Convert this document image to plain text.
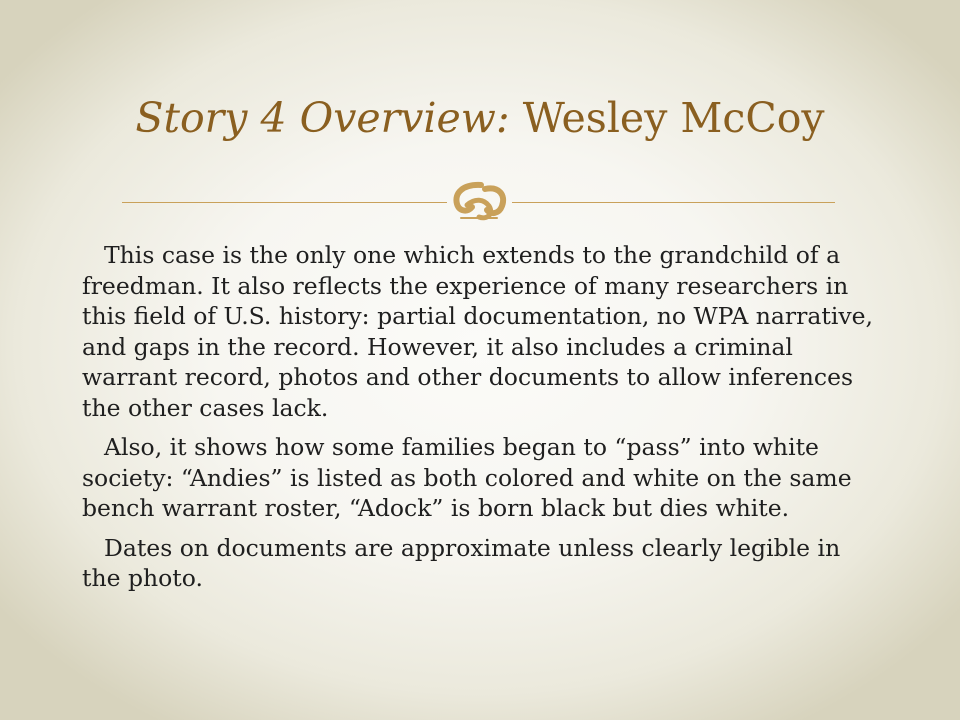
Story 4 Overview: Wesley McCoy

This case is the only one which extends to the grandchild of a freedman. It also reflects the experience of many researchers in this field of U.S. history: partial documentation, no WPA narrative, and gaps in the record. However, it also includes a criminal warrant record, photos and other documents to allow inferences the other cases lack.

Also, it shows how some families began to “pass” into white society: “Andies” is listed as both colored and white on the same bench warrant roster, “Adock” is born black but dies white.

Dates on documents are approximate unless clearly legible in the photo.
